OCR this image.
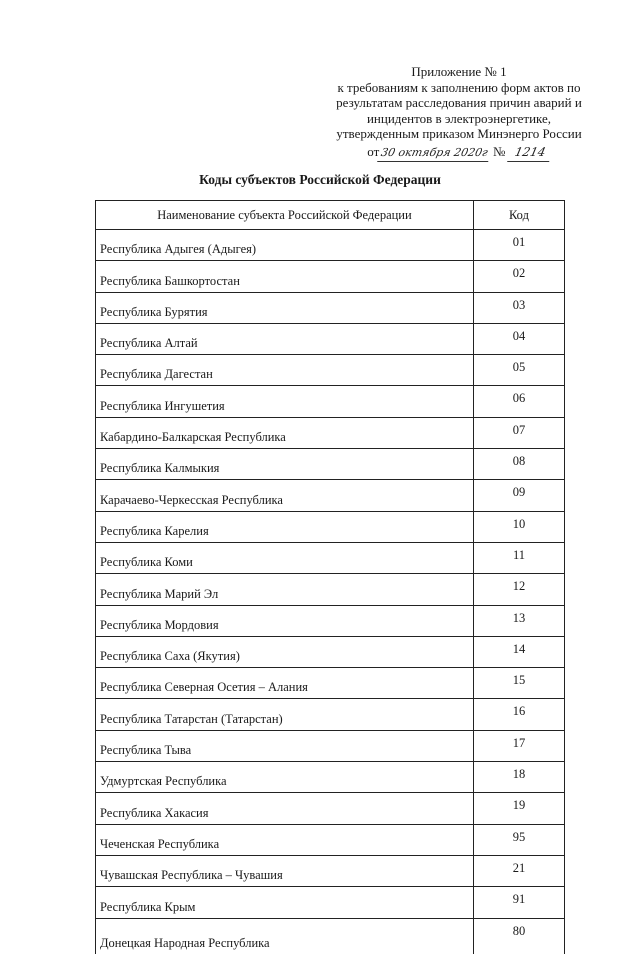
Приложение № 1
к требованиям к заполнению форм актов по
результатам расследования причин аварий и
инцидентов в электроэнергетике,
утвержденным приказом Минэнерго России
от30 октября 2020г № 1214
Коды субъектов Российской Федерации
Наименование субъекта Российской Федерации	Код
Республика Адыгея (Адыгея)	01
Республика Башкортостан	02
Республика Бурятия	03
Республика Алтай	04
Республика Дагестан	05
Республика Ингушетия	06
Кабардино-Балкарская Республика	07
Республика Калмыкия	08
Карачаево-Черкесская Республика	09
Республика Карелия	10
Республика Коми	11
Республика Марий Эл	12
Республика Мордовия	13
Республика Саха (Якутия)	14
Республика Северная Осетия – Алания	15
Республика Татарстан (Татарстан)	16
Республика Тыва	17
Удмуртская Республика	18
Республика Хакасия	19
Чеченская Республика	95
Чувашская Республика – Чувашия	21
Республика Крым	91
Донецкая Народная Республика	80
